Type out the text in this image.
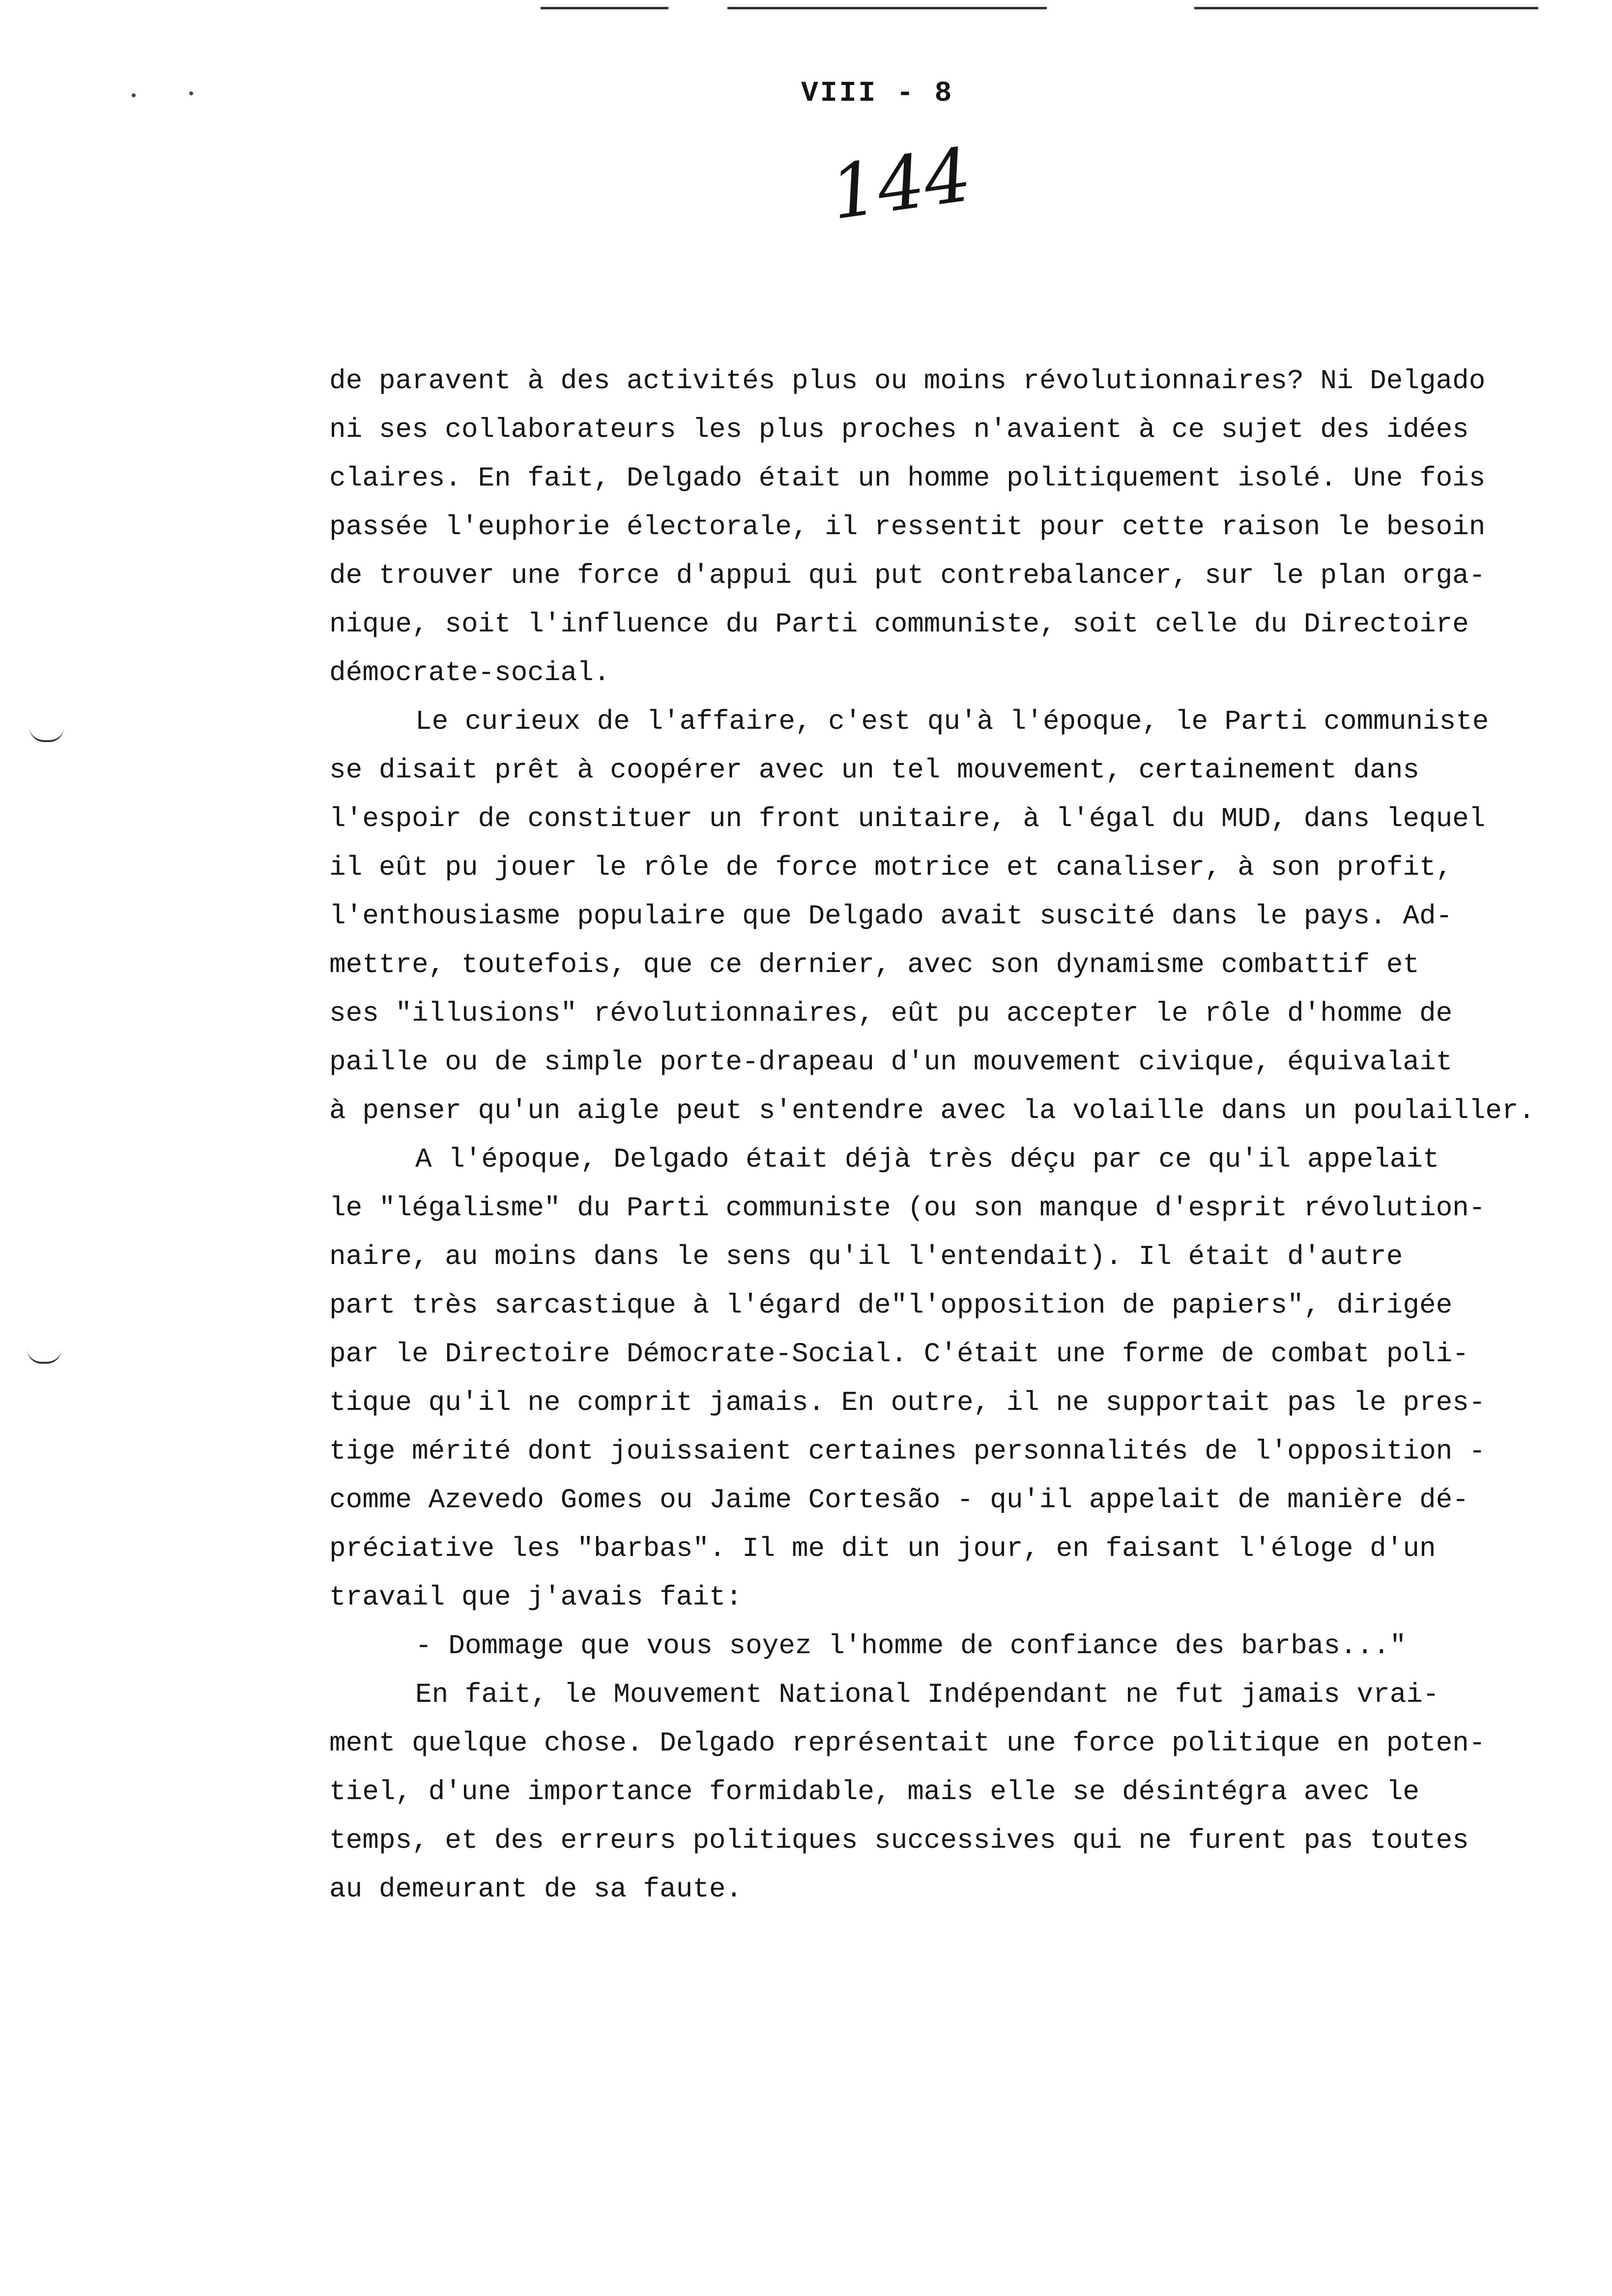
VIII - 8
144
de paravent à des activités plus ou moins révolutionnaires? Ni Delgado
ni ses collaborateurs les plus proches n'avaient à ce sujet des idées
claires. En fait, Delgado était un homme politiquement isolé. Une fois
passée l'euphorie électorale, il ressentit pour cette raison le besoin
de trouver une force d'appui qui put contrebalancer, sur le plan orga-
nique, soit l'influence du Parti communiste, soit celle du Directoire
démocrate-social.
Le curieux de l'affaire, c'est qu'à l'époque, le Parti communiste
se disait prêt à coopérer avec un tel mouvement, certainement dans
l'espoir de constituer un front unitaire, à l'égal du MUD, dans lequel
il eût pu jouer le rôle de force motrice et canaliser, à son profit,
l'enthousiasme populaire que Delgado avait suscité dans le pays. Ad-
mettre, toutefois, que ce dernier, avec son dynamisme combattif et
ses "illusions" révolutionnaires, eût pu accepter le rôle d'homme de
paille ou de simple porte-drapeau d'un mouvement civique, équivalait
à penser qu'un aigle peut s'entendre avec la volaille dans un poulailler.
A l'époque, Delgado était déjà très déçu par ce qu'il appelait
le "légalisme" du Parti communiste (ou son manque d'esprit révolution-
naire, au moins dans le sens qu'il l'entendait). Il était d'autre
part très sarcastique à l'égard de"l'opposition de papiers", dirigée
par le Directoire Démocrate-Social. C'était une forme de combat poli-
tique qu'il ne comprit jamais. En outre, il ne supportait pas le pres-
tige mérité dont jouissaient certaines personnalités de l'opposition -
comme Azevedo Gomes ou Jaime Cortesão - qu'il appelait de manière dé-
préciative les "barbas". Il me dit un jour, en faisant l'éloge d'un
travail que j'avais fait:
- Dommage que vous soyez l'homme de confiance des barbas..."
En fait, le Mouvement National Indépendant ne fut jamais vrai-
ment quelque chose. Delgado représentait une force politique en poten-
tiel, d'une importance formidable, mais elle se désintégra avec le
temps, et des erreurs politiques successives qui ne furent pas toutes
au demeurant de sa faute.
